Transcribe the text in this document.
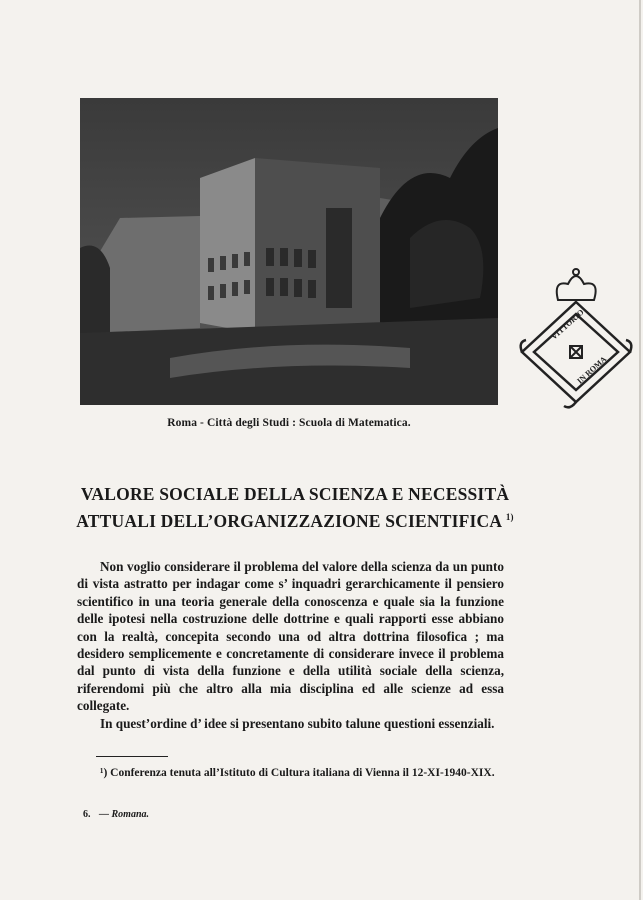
Roma - Città degli Studi : Scuola di Matematica.
VITTORIO
IN ROMA
VALORE SOCIALE DELLA SCIENZA E NECESSITÀ
ATTUALI DELL’ORGANIZZAZIONE SCIENTIFICA $^{1)}$

Non voglio considerare il problema del valore della scienza da un punto di vista astratto per indagar come s’ inquadri gerarchicamente il pensiero scientifico in una teoria generale della conoscenza e quale sia la funzione delle ipotesi nella costruzione delle dottrine e quali rapporti esse abbiano con la realtà, concepita secondo una od altra dottrina filosofica ; ma desidero semplicemente e concretamente di considerare invece il problema dal punto di vista della funzione e della utilità sociale della scienza, riferendomi più che altro alla mia disciplina ed alle scienze ad essa collegate.

In quest’ordine d’ idee si presentano subito talune questioni essenziali.

¹) Conferenza tenuta all’Istituto di Cultura italiana di Vienna il 12-XI-1940-XIX.
6. — Romana.
